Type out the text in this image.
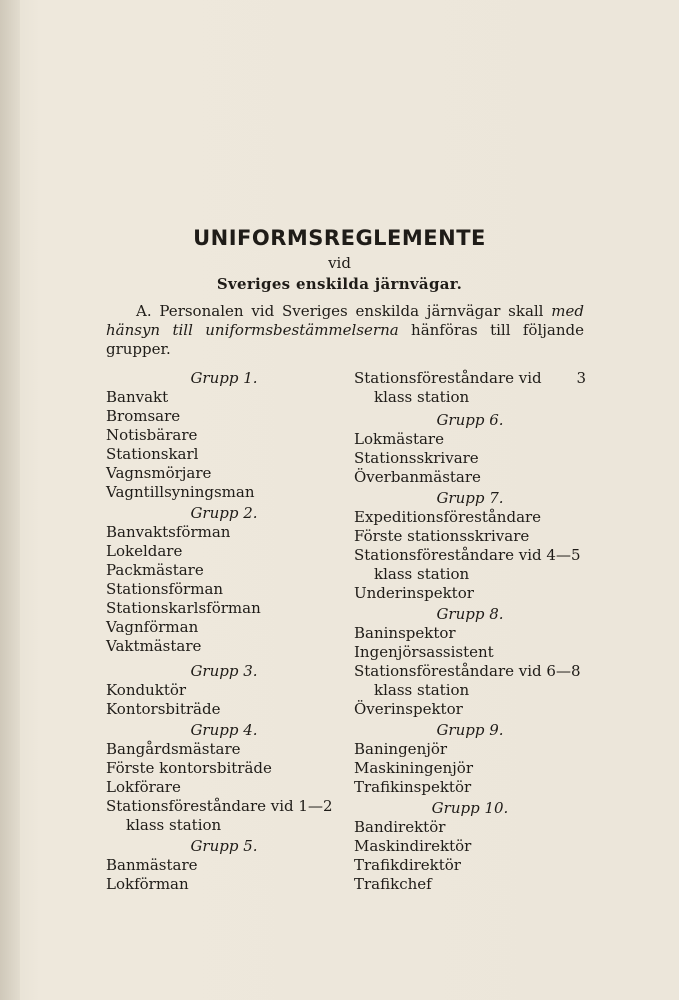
UNIFORMSREGLEMENTE
vid
Sveriges enskilda järnvägar.
A. Personalen vid Sveriges enskilda järnvägar skall med hänsyn till uniformsbestämmelserna hänföras till följande grupper.

Grupp 1.

Banvakt

Bromsare

Notisbärare

Stationskarl

Vagnsmörjare

Vagntillsyningsman

Grupp 2.

Banvaktsförman

Lokeldare

Packmästare

Stationsförman

Stationskarlsförman

Vagnförman

Vaktmästare

Grupp 3.

Konduktör

Kontorsbiträde

Grupp 4.

Bangårdsmästare

Förste kontorsbiträde

Lokförare

Stationsföreståndare vid 1—2
klass station

Grupp 5.

Banmästare

Lokförman

Stationsföreståndare vid 3

klass station

Grupp 6.

Lokmästare

Stationsskrivare

Överbanmästare

Grupp 7.

Expeditionsföreståndare

Förste stationsskrivare

Stationsföreståndare vid 4—5
klass station

Underinspektor

Grupp 8.

Baninspektor

Ingenjörsassistent

Stationsföreståndare vid 6—8
klass station

Överinspektor

Grupp 9.

Baningenjör

Maskiningenjör

Trafikinspektör

Grupp 10.

Bandirektör

Maskindirektör

Trafikdirektör

Trafikchef
